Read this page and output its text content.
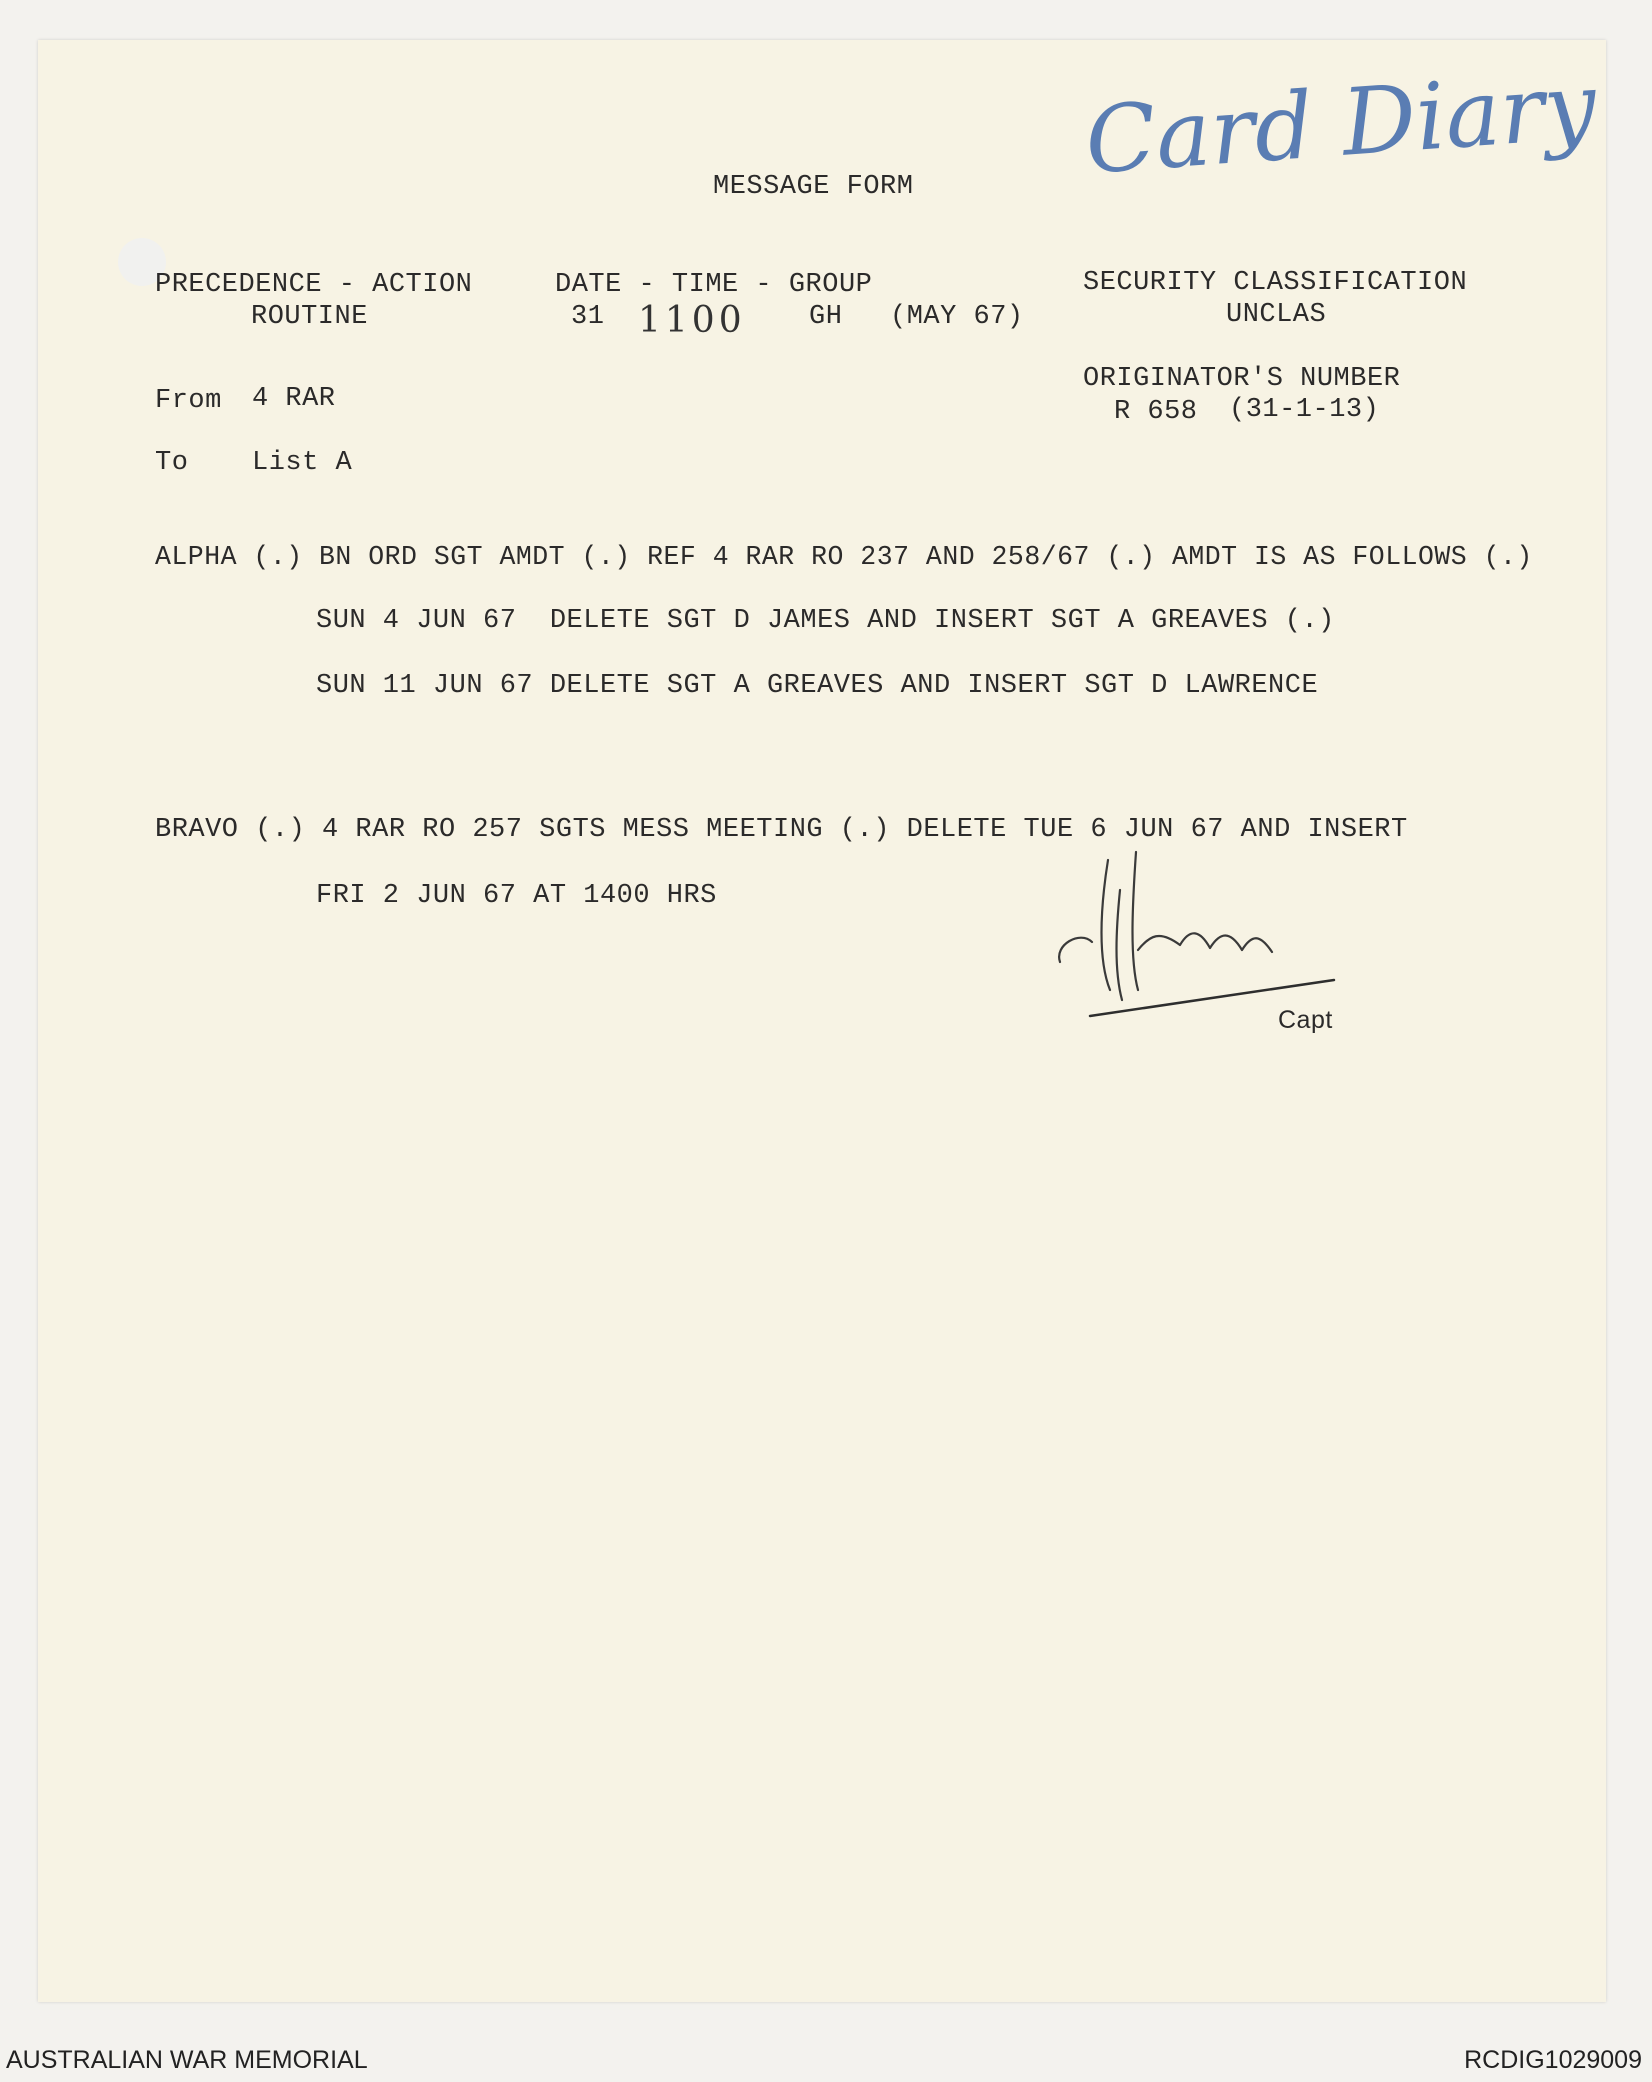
Card Diary
MESSAGE FORM
PRECEDENCE - ACTION
ROUTINE
DATE - TIME - GROUP
31 1100 GH (MAY 67)
SECURITY CLASSIFICATION
UNCLAS
ORIGINATOR'S NUMBER
R 658 (31-1-13)
From 4 RAR
To List A
ALPHA (.) BN ORD SGT AMDT (.) REF 4 RAR RO 237 AND 258/67 (.) AMDT IS AS FOLLOWS (.)
SUN 4 JUN 67  DELETE SGT D JAMES AND INSERT SGT A GREAVES (.)
SUN 11 JUN 67 DELETE SGT A GREAVES AND INSERT SGT D LAWRENCE
BRAVO (.) 4 RAR RO 257 SGTS MESS MEETING (.) DELETE TUE 6 JUN 67 AND INSERT
FRI 2 JUN 67 AT 1400 HRS
Capt
AUSTRALIAN WAR MEMORIAL	RCDIG1029009
